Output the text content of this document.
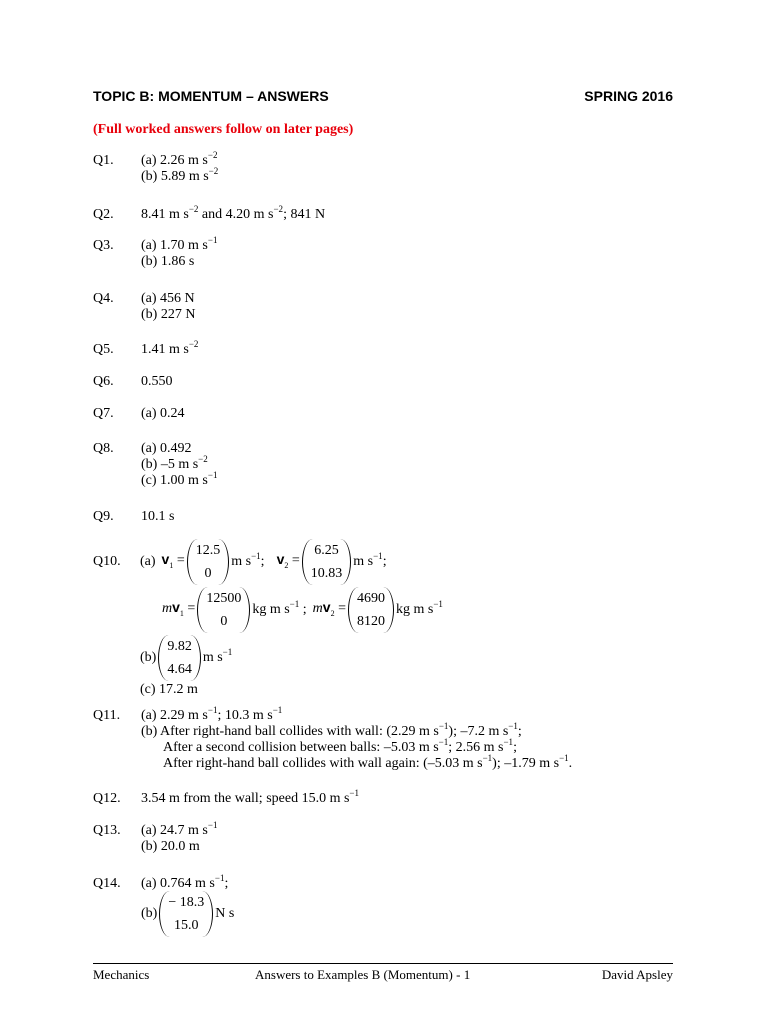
TOPIC B: MOMENTUM – ANSWERS	SPRING 2016
(Full worked answers follow on later pages)
Q1. (a) 2.26 m $s^{-2}$
(b) 5.89 m $s^{-2}$
Q2. 8.41 m $s^{-2}$ and 4.20 m $s^{-2}$; 841 N
Q3. (a) 1.70 m $s^{-1}$
(b) 1.86 s
Q4. (a) 456 N
(b) 227 N
Q5. 1.41 m $s^{-2}$
Q6. 0.550
Q7. (a) 0.24
Q8. (a) 0.492
(b) –5 m $s^{-2}$
(c) 1.00 m $s^{-1}$
Q9. 10.1 s
Q10. (a) $v_1$ =
12.5
0
m $s^{-1}$; $v_2$ =
6.25
10.83
m $s^{-1}$;
$mv_1$ =
12500
0
kg m $s^{-1}$ ; $mv_2$ =
4690
8120
kg m $s^{-1}$
(b)
9.82
4.64
m $s^{-1}$
(c) 17.2 m
Q11. (a) 2.29 m $s^{-1}$; 10.3 m $s^{-1}$
(b) After right-hand ball collides with wall: (2.29 m $s^{-1}$); –7.2 m $s^{-1}$;
After a second collision between balls: –5.03 m $s^{-1}$; 2.56 m $s^{-1}$;
After right-hand ball collides with wall again: (–5.03 m $s^{-1}$); –1.79 m $s^{-1}$.
Q12. 3.54 m from the wall; speed 15.0 m $s^{-1}$
Q13. (a) 24.7 m $s^{-1}$
(b) 20.0 m
Q14. (a) 0.764 m $s^{-1}$;
(b)
− 18.3
15.0
N s
Mechanics	Answers to Examples B (Momentum) - 1	David Apsley
